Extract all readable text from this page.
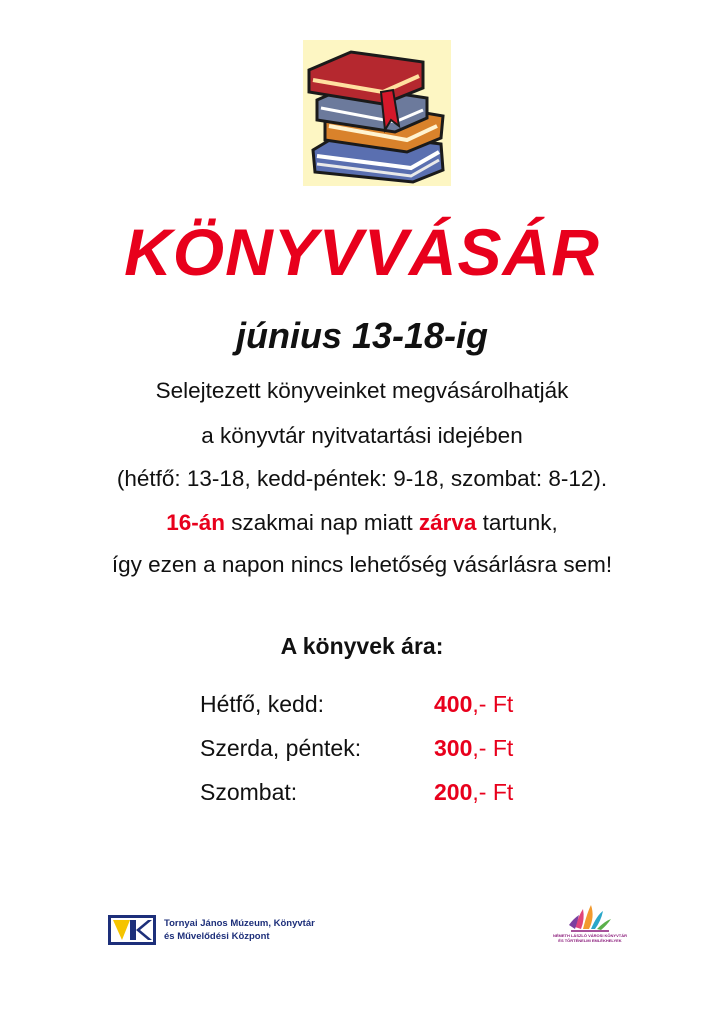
KÖNYVVÁSÁR
június 13-18-ig
Selejtezett könyveinket megvásárolhatják
a könyvtár nyitvatartási idejében
(hétfő: 13-18, kedd-péntek: 9-18, szombat: 8-12).
16-án szakmai nap miatt zárva tartunk,
így ezen a napon nincs lehetőség vásárlásra sem!
A könyvek ára:
Hétfő, kedd:	400,- Ft
Szerda, péntek:	300,- Ft
Szombat:	200,- Ft
Tornyai János Múzeum, Könyvtár
és Művelődési Központ	NÉMETH LÁSZLÓ VÁROSI KÖNYVTÁR
ÉS TÖRTÉNELMI EMLÉKHELYEK
